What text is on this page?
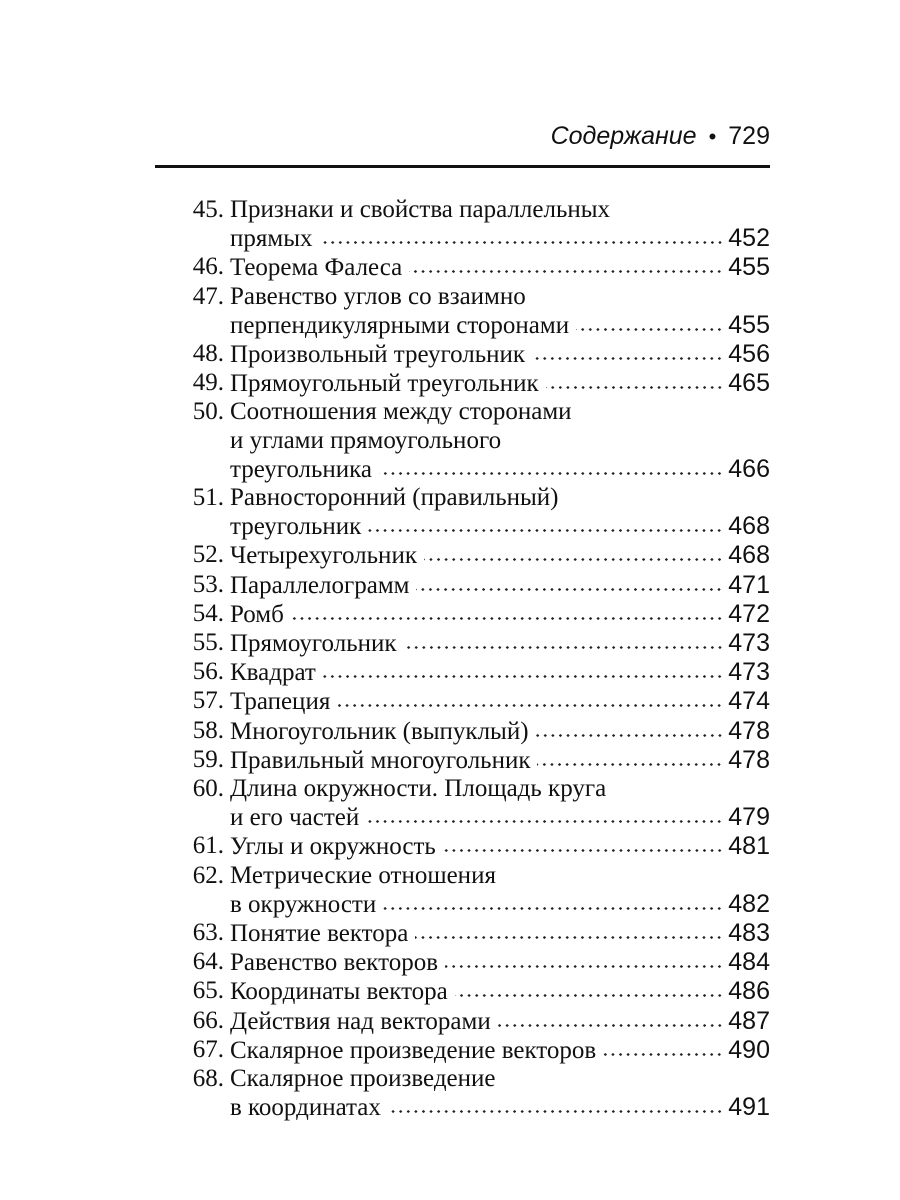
Содержание • 729
45. Признаки и свойства параллельных
прямых	452
46. Теорема Фалеса	455
47. Равенство углов со взаимно
перпендикулярными сторонами	455
48. Произвольный треугольник	456
49. Прямоугольный треугольник	465
50. Соотношения между сторонами
и углами прямоугольного
треугольника	466
51. Равносторонний (правильный)
треугольник	468
52. Четырехугольник	468
53. Параллелограмм	471
54. Ромб	472
55. Прямоугольник	473
56. Квадрат	473
57. Трапеция	474
58. Многоугольник (выпуклый)	478
59. Правильный многоугольник	478
60. Длина окружности. Площадь круга
и его частей	479
61. Углы и окружность	481
62. Метрические отношения
в окружности	482
63. Понятие вектора	483
64. Равенство векторов	484
65. Координаты вектора	486
66. Действия над векторами	487
67. Скалярное произведение векторов	490
68. Скалярное произведение
в координатах	491
